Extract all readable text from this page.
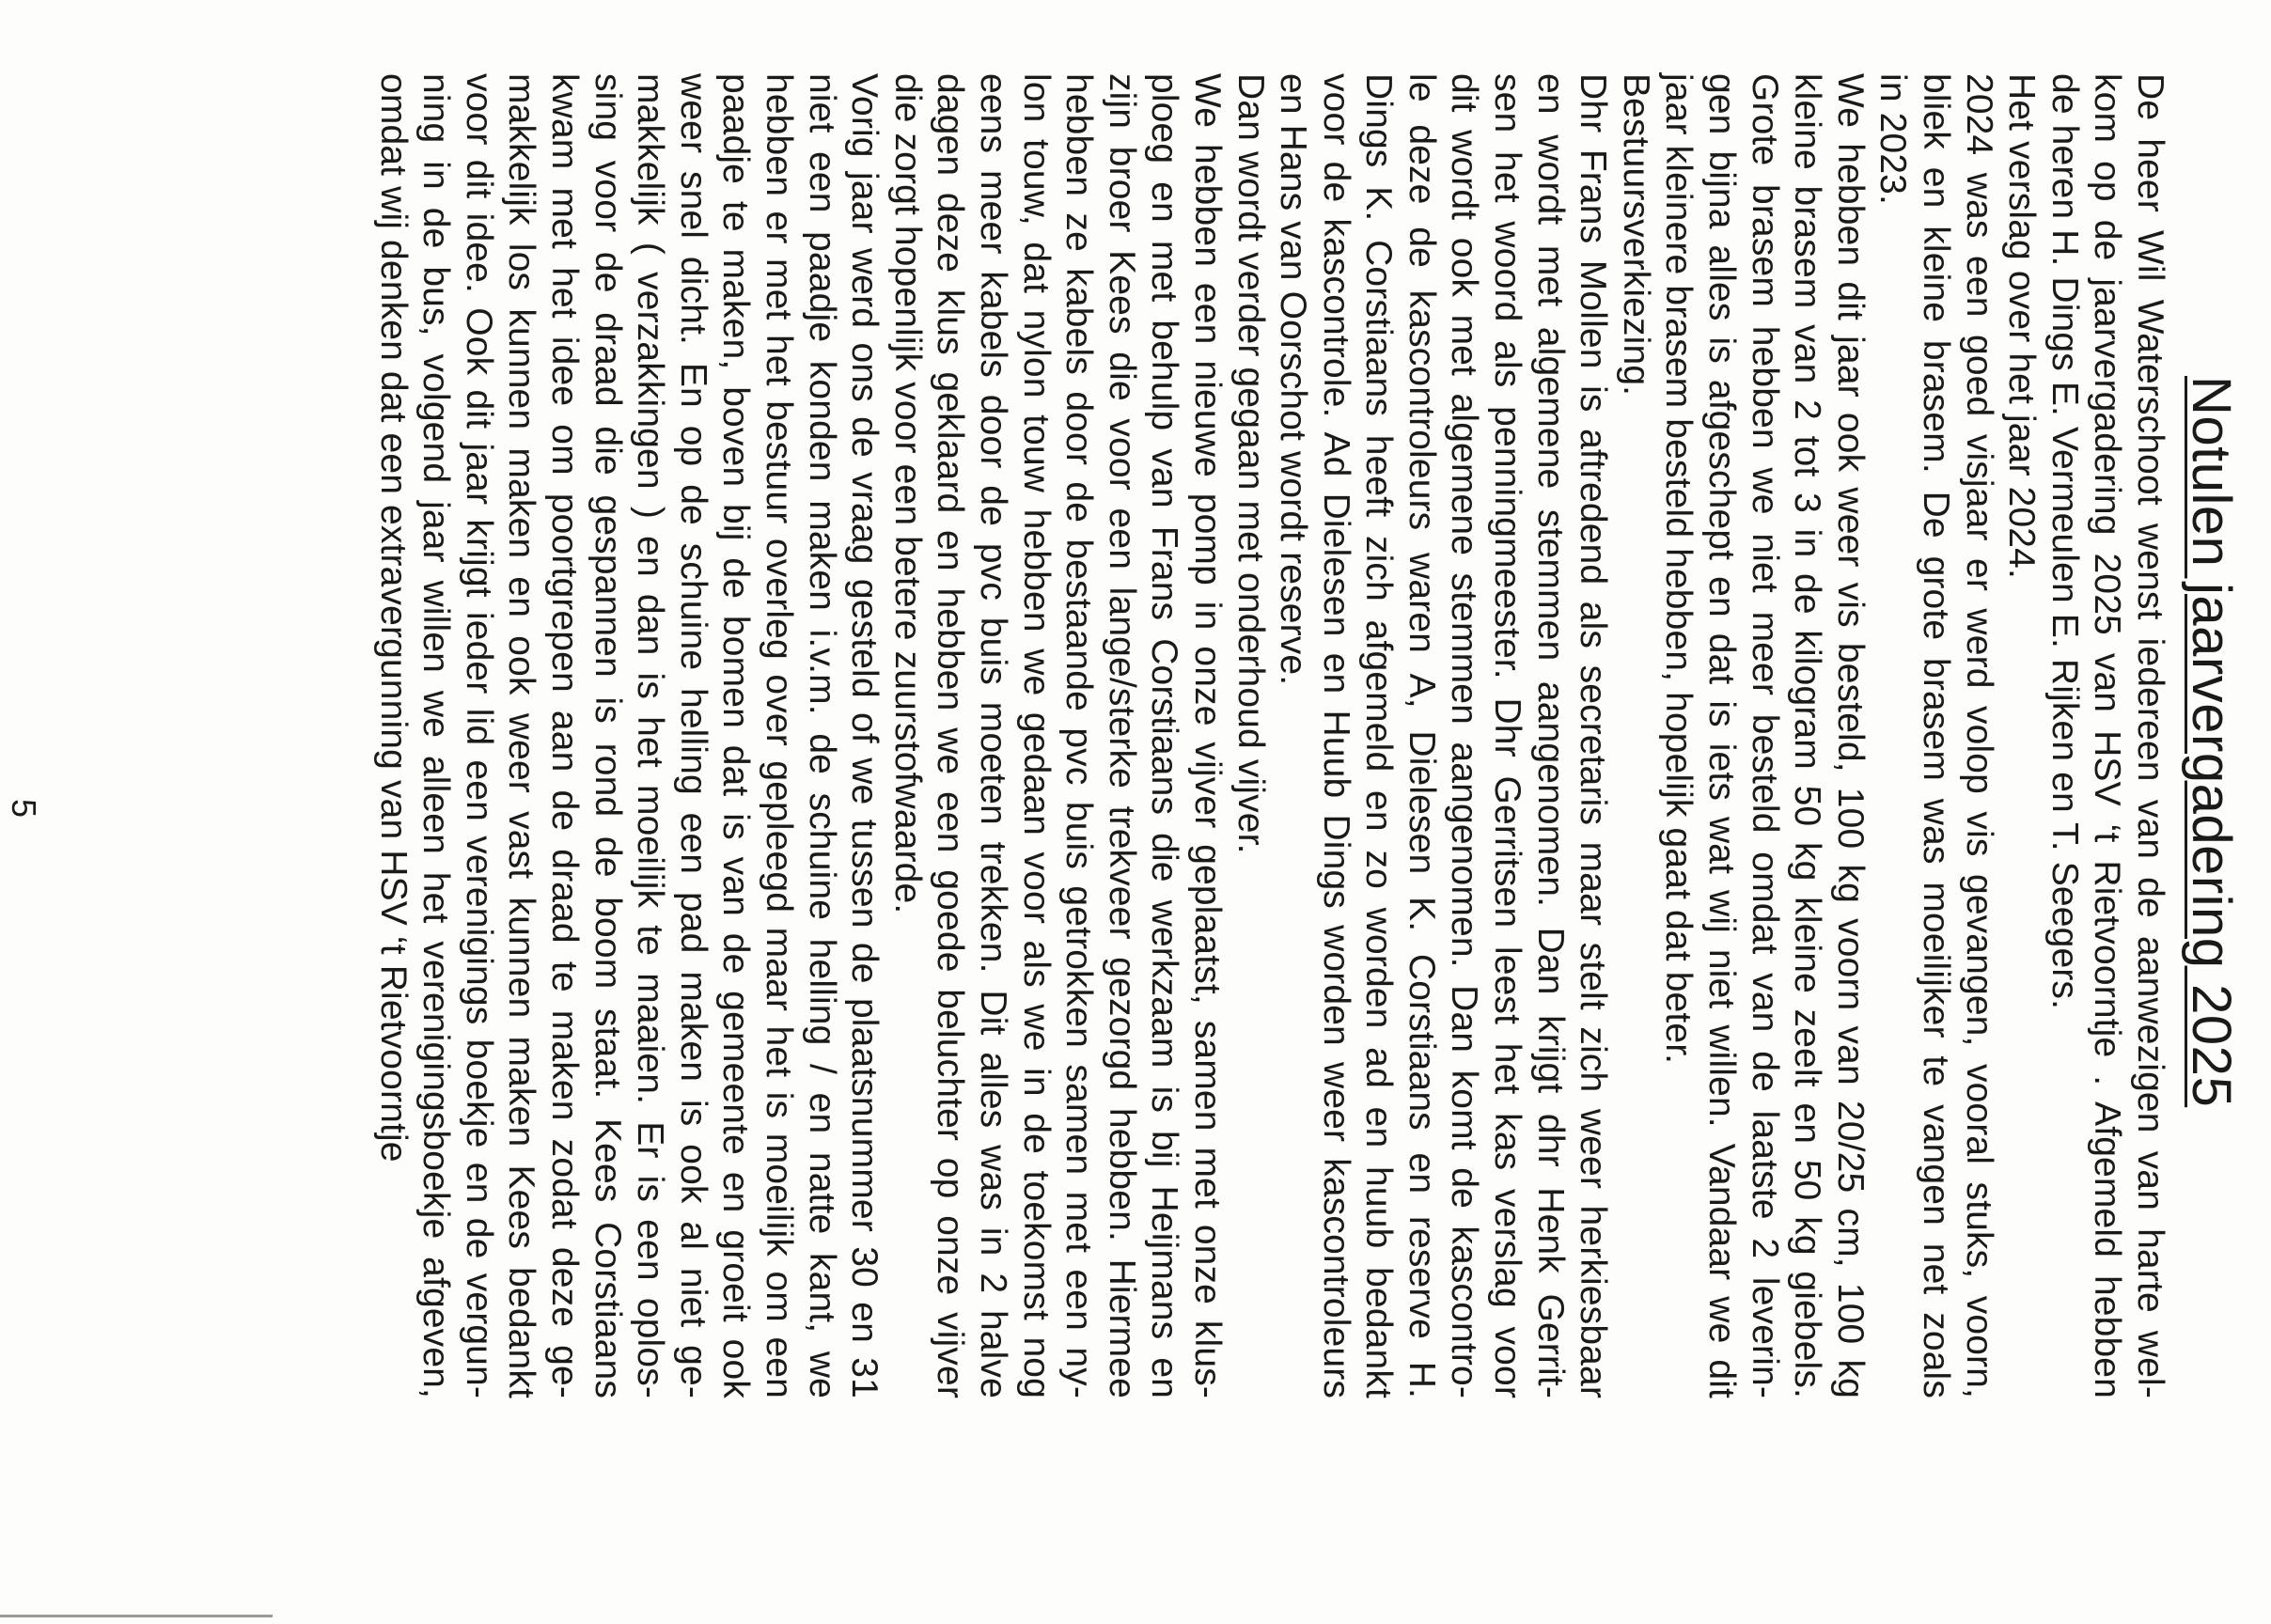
Notulen jaarvergadering 2025
De heer Wil Waterschoot wenst iedereen van de aanwezigen van harte wel-
kom op de jaarvergadering 2025 van HSV ‘t Rietvoorntje . Afgemeld hebben
de heren H. Dings E. Vermeulen E. Rijken en T. Seegers.
Het verslag over het jaar 2024.
2024 was een goed visjaar er werd volop vis gevangen, vooral stuks, voorn,
bliek en kleine brasem. De grote brasem was moeilijker te vangen net zoals
in 2023.
We hebben dit jaar ook weer vis besteld, 100 kg voorn van 20/25 cm, 100 kg
kleine brasem van 2 tot 3 in de kilogram 50 kg kleine zeelt en 50 kg giebels.
Grote brasem hebben we niet meer besteld omdat van de laatste 2 leverin-
gen bijna alles is afgeschept en dat is iets wat wij niet willen. Vandaar we dit
jaar kleinere brasem besteld hebben, hopelijk gaat dat beter.
Bestuursverkiezing.
Dhr Frans Mollen is aftredend als secretaris maar stelt zich weer herkiesbaar
en wordt met algemene stemmen aangenomen. Dan krijgt dhr Henk Gerrit-
sen het woord als penningmeester. Dhr Gerritsen leest het kas verslag voor
dit wordt ook met algemene stemmen aangenomen. Dan komt de kascontro-
le deze de kascontroleurs waren A, Dielesen K. Corstiaans en reserve H.
Dings K. Corstiaans heeft zich afgemeld en zo worden ad en huub bedankt
voor de kascontrole. Ad Dielesen en Huub Dings worden weer kascontroleurs
en Hans van Oorschot wordt reserve.
Dan wordt verder gegaan met onderhoud vijver.
We hebben een nieuwe pomp in onze vijver geplaatst, samen met onze klus-
ploeg en met behulp van Frans Corstiaans die werkzaam is bij Heijmans en
zijn broer Kees die voor een lange/sterke trekveer gezorgd hebben. Hiermee
hebben ze kabels door de bestaande pvc buis getrokken samen met een ny-
lon touw, dat nylon touw hebben we gedaan voor als we in de toekomst nog
eens meer kabels door de pvc buis moeten trekken. Dit alles was in 2 halve
dagen deze klus geklaard en hebben we een goede beluchter op onze vijver
die zorgt hopenlijk voor een betere zuurstofwaarde.
Vorig jaar werd ons de vraag gesteld of we tussen de plaatsnummer 30 en 31
niet een paadje konden maken i.v.m. de schuine helling / en natte kant, we
hebben er met het bestuur overleg over gepleegd maar het is moeilijk om een
paadje te maken, boven bij de bomen dat is van de gemeente en groeit ook
weer snel dicht. En op de schuine helling een pad maken is ook al niet ge-
makkelijk ( verzakkingen ) en dan is het moeilijk te maaien. Er is een oplos-
sing voor de draad die gespannen is rond de boom staat. Kees Corstiaans
kwam met het idee om poortgrepen aan de draad te maken zodat deze ge-
makkelijk los kunnen maken en ook weer vast kunnen maken Kees bedankt
voor dit idee. Ook dit jaar krijgt ieder lid een verenigings boekje en de vergun-
ning in de bus, volgend jaar willen we alleen het verenigingsboekje afgeven,
omdat wij denken dat een extravergunning van HSV ‘t Rietvoorntje
5
